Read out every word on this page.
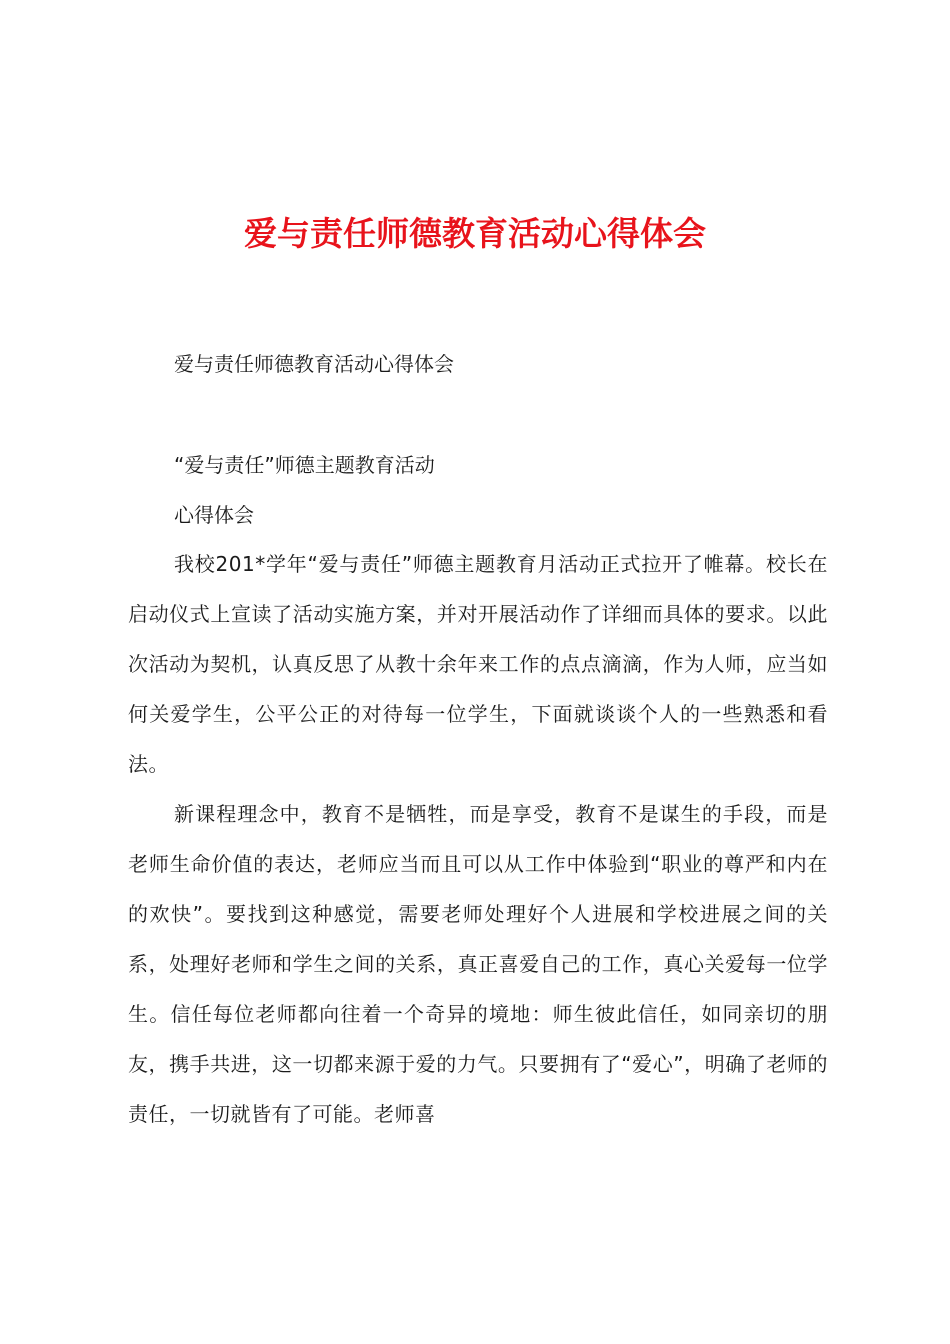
爱与责任师德教育活动心得体会

爱与责任师德教育活动心得体会

“爱与责任”师德主题教育活动

心得体会

我校201*学年“爱与责任”师德主题教育月活动正式拉开了帷幕。校长在启动仪式上宣读了活动实施方案，并对开展活动作了详细而具体的要求。以此次活动为契机，认真反思了从教十余年来工作的点点滴滴，作为人师，应当如何关爱学生，公平公正的对待每一位学生，下面就谈谈个人的一些熟悉和看法。

新课程理念中，教育不是牺牲，而是享受，教育不是谋生的手段，而是老师生命价值的表达，老师应当而且可以从工作中体验到“职业的尊严和内在的欢快”。要找到这种感觉，需要老师处理好个人进展和学校进展之间的关系，处理好老师和学生之间的关系，真正喜爱自己的工作，真心关爱每一位学生。信任每位老师都向往着一个奇异的境地：师生彼此信任，如同亲切的朋友，携手共进，这一切都来源于爱的力气。只要拥有了“爱心”，明确了老师的责任，一切就皆有了可能。老师喜
